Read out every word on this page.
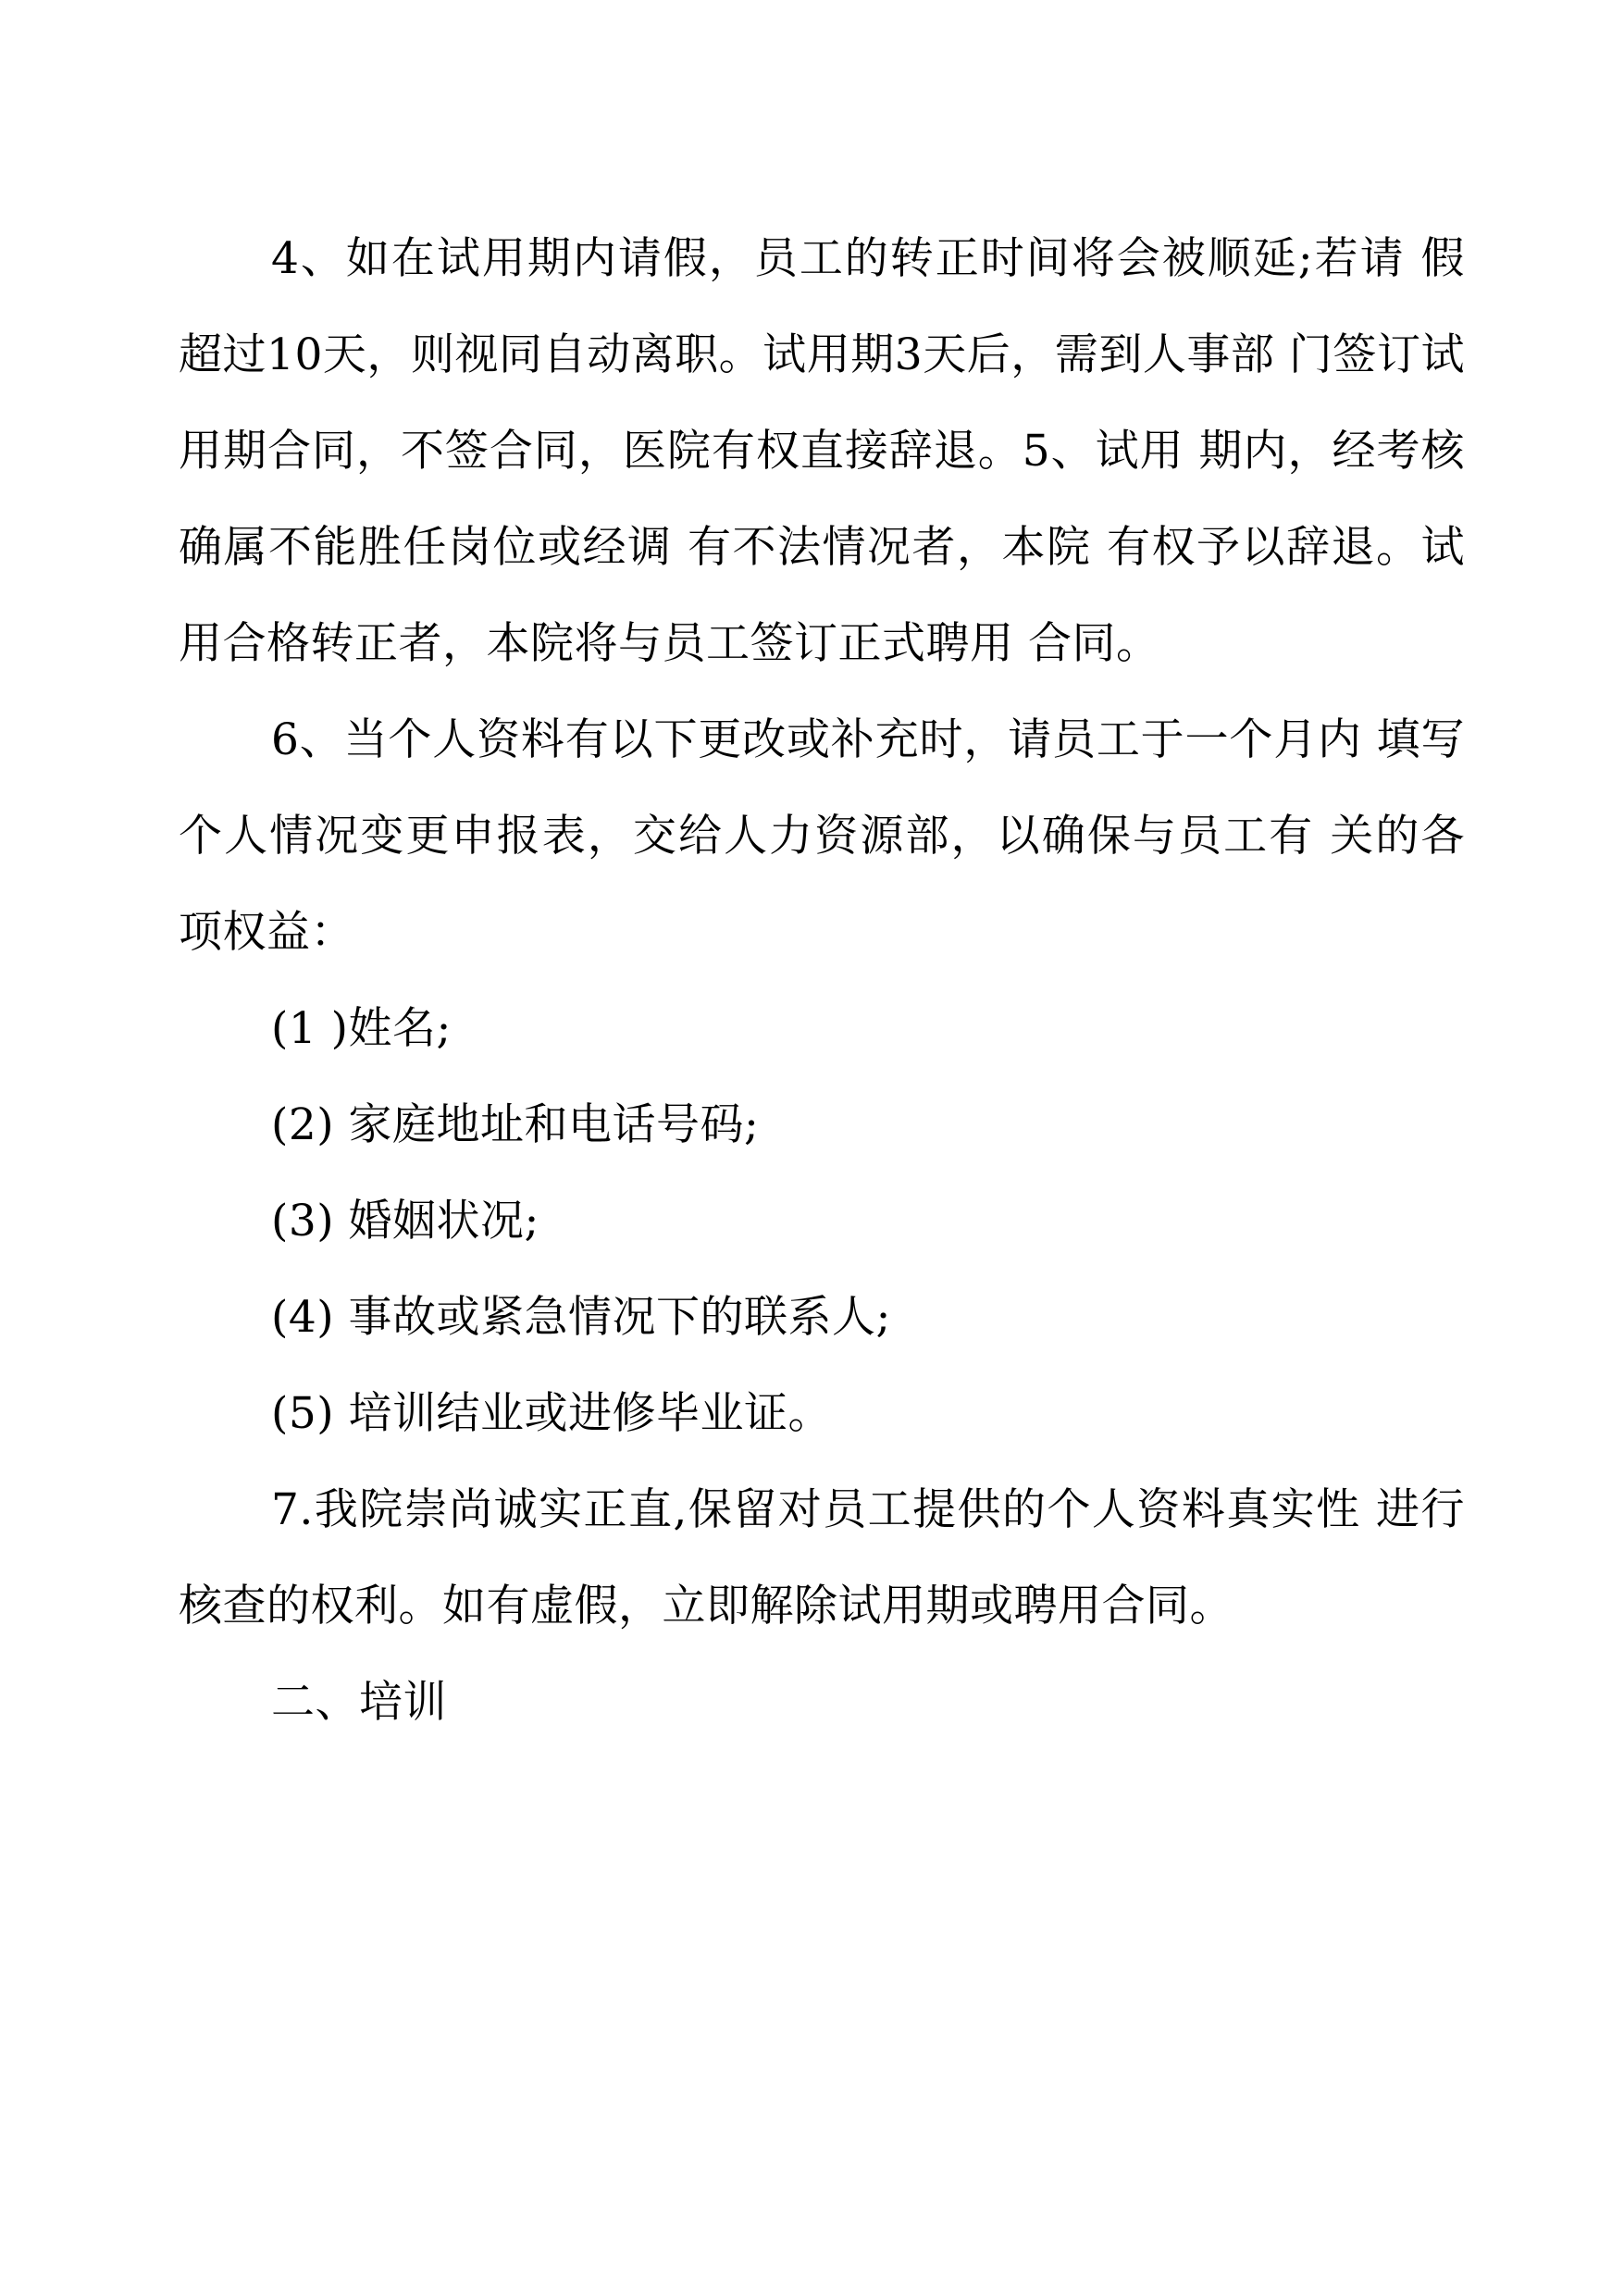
4、如在试用期内请假，员工的转正时间将会被顺延;若请 假超过10天，则视同自动离职。试用期3天后，需到人事部 门签订试用期合同，不签合同，医院有权直接辞退。5、试用 期内，经考核确属不能胜任岗位或经调 有不法情况者，本院 有权予以辞退。试用合格转正者，本院将与员工签订正式聘用 合同。

6、当个人资料有以下更改或补充时，请员工于一个月内 填写个人情况变更申报表，交给人力资源部，以确保与员工有 关的各项权益：

(1 )姓名;

(2) 家庭地址和电话号码;

(3) 婚姻状况;

(4) 事故或紧急情况下的联系人;

(5) 培训结业或进修毕业证。

7.我院崇尚诚实正直,保留对员工提供的个人资料真实性 进行核查的权利。如有虚假，立即解除试用期或聘用合同。

二、培训
